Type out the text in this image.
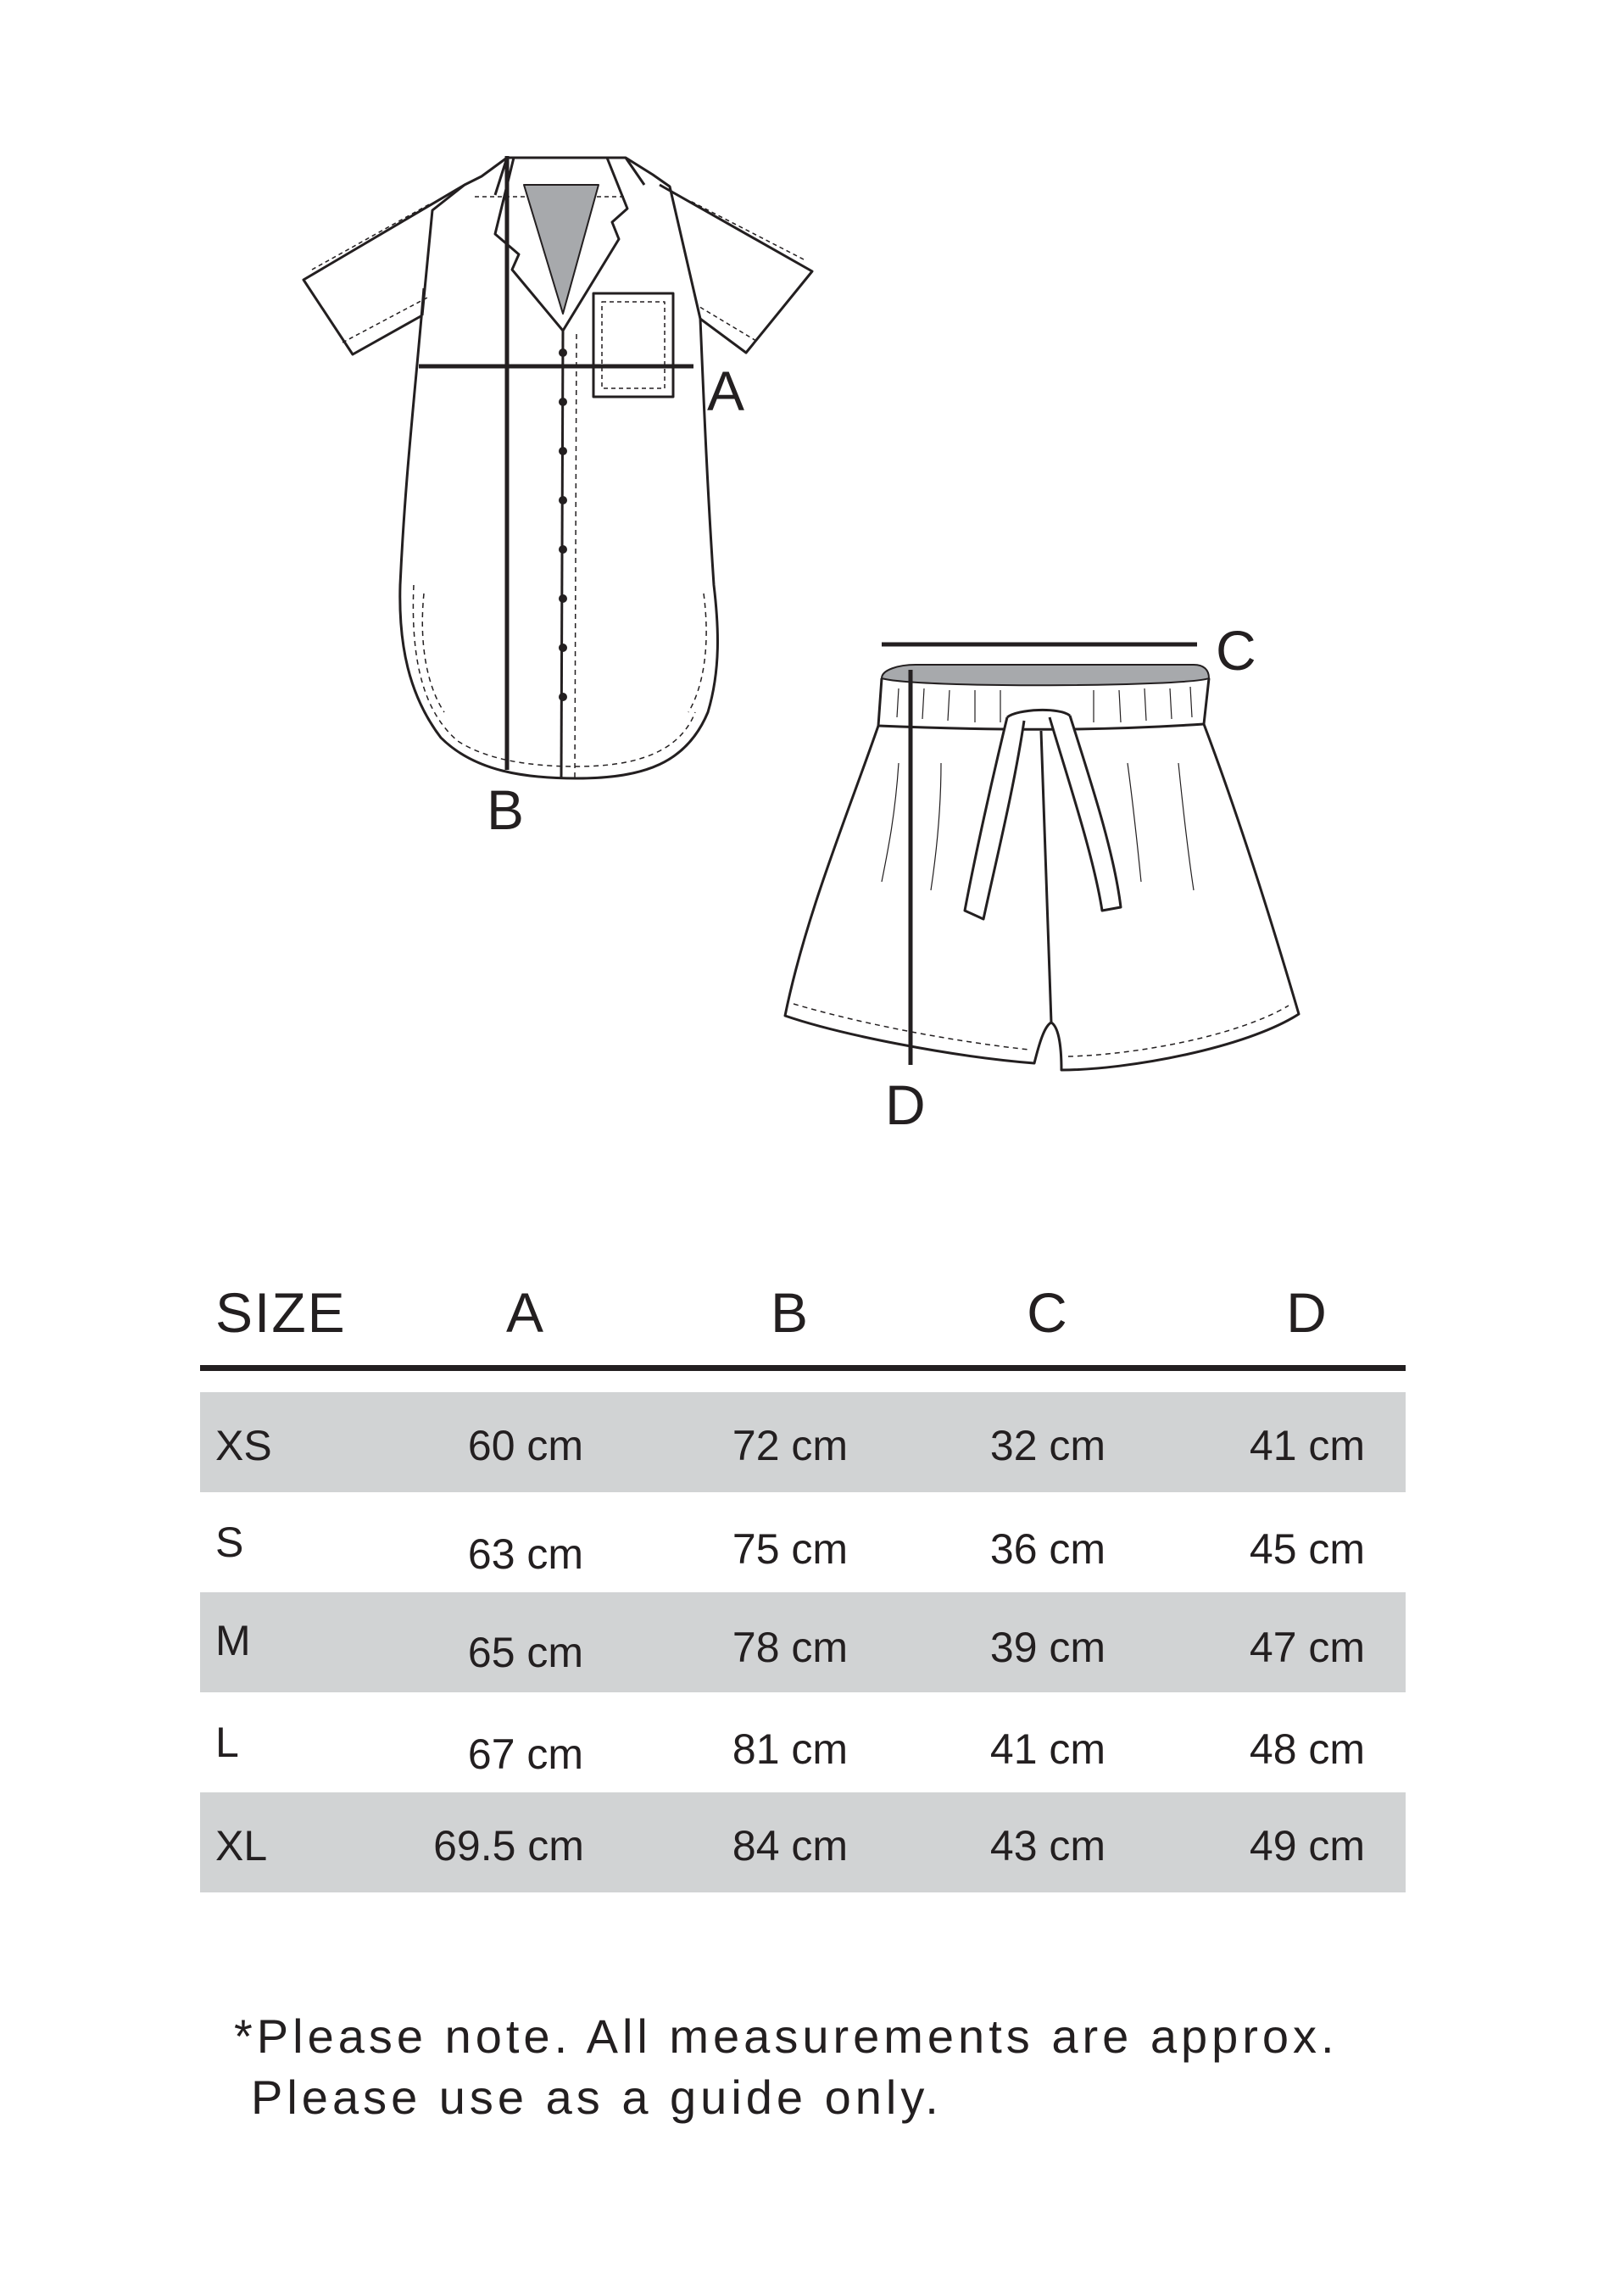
A
B
C
D
SIZE	A	B	C	D
XS	60 cm	72 cm	32 cm	41 cm
S	63 cm	75 cm	36 cm	45 cm
M	65 cm	78 cm	39 cm	47 cm
L	67 cm	81 cm	41 cm	48 cm
XL	69.5 cm	84 cm	43 cm	49 cm
*Please note. All measurements are approx.
Please use as a guide only.
